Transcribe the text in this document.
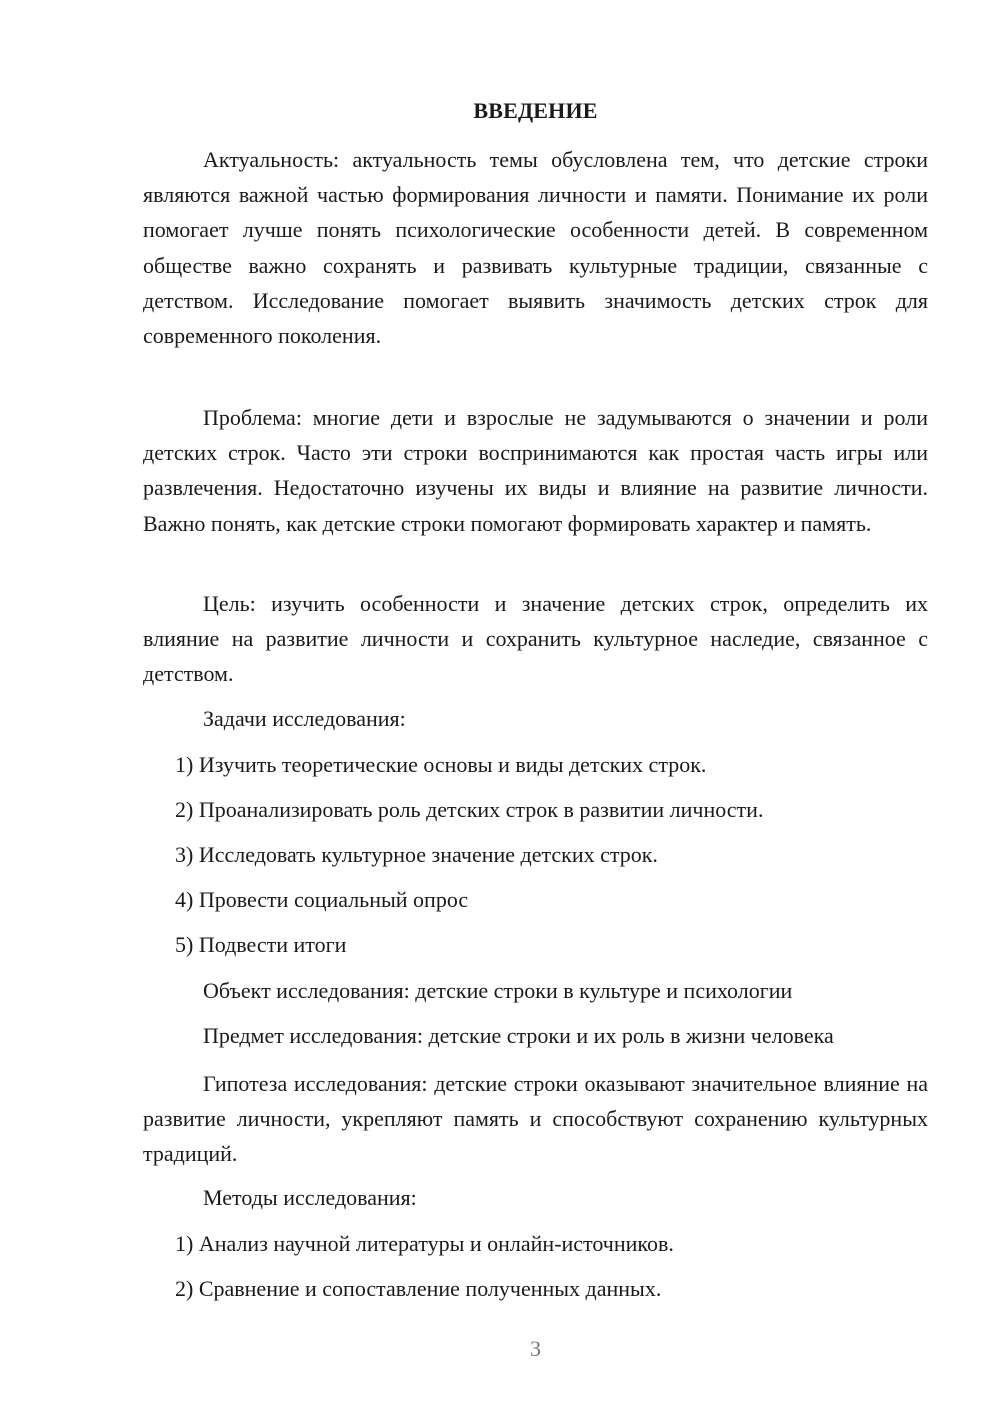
ВВЕДЕНИЕ

Актуальность: актуальность темы обусловлена тем, что детские строки являются важной частью формирования личности и памяти. Понимание их роли помогает лучше понять психологические особенности детей. В современном обществе важно сохранять и развивать культурные традиции, связанные с детством. Исследование помогает выявить значимость детских строк для современного поколения.

Проблема: многие дети и взрослые не задумываются о значении и роли детских строк. Часто эти строки воспринимаются как простая часть игры или развлечения. Недостаточно изучены их виды и влияние на развитие личности. Важно понять, как детские строки помогают формировать характер и память.

Цель: изучить особенности и значение детских строк, определить их влияние на развитие личности и сохранить культурное наследие, связанное с детством.

Задачи исследования:

1) Изучить теоретические основы и виды детских строк.

2) Проанализировать роль детских строк в развитии личности.

3) Исследовать культурное значение детских строк.

4) Провести социальный опрос

5) Подвести итоги

Объект исследования: детские строки в культуре и психологии

Предмет исследования: детские строки и их роль в жизни человека

Гипотеза исследования: детские строки оказывают значительное влияние на развитие личности, укрепляют память и способствуют сохранению культурных традиций.

Методы исследования:

1) Анализ научной литературы и онлайн-источников.

2) Сравнение и сопоставление полученных данных.

3
